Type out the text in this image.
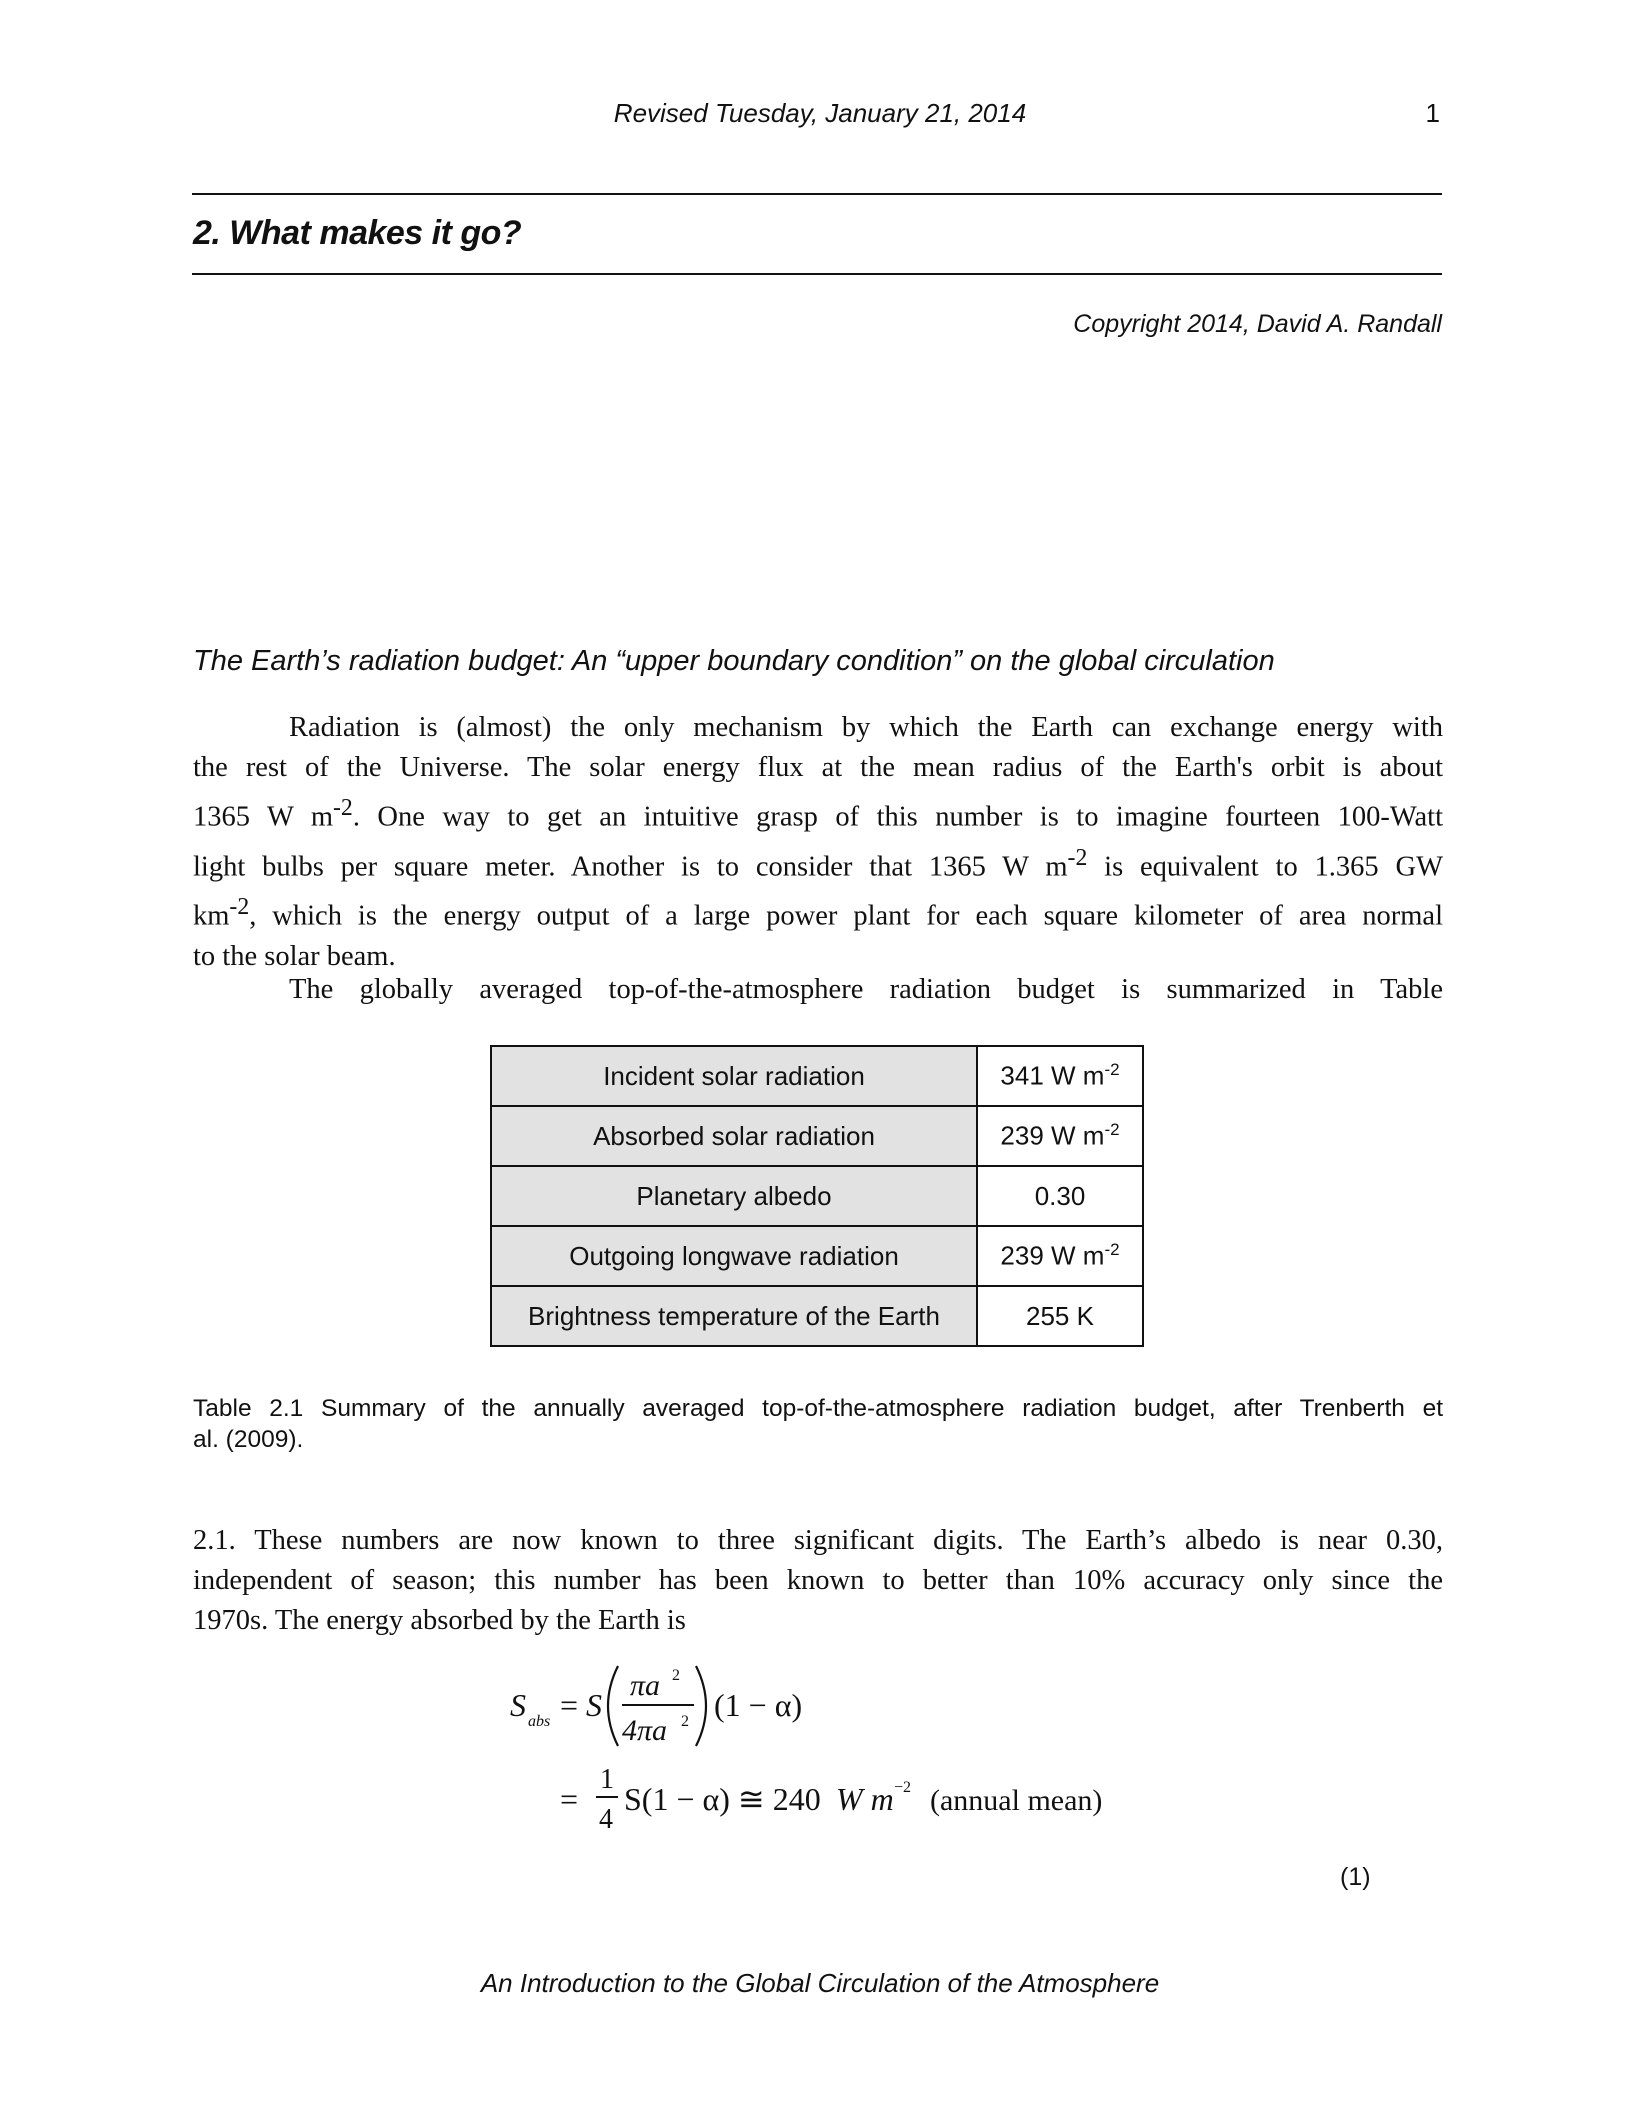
Revised Tuesday, January 21, 2014	1
2. What makes it go?
Copyright 2014, David A. Randall
The Earth’s radiation budget: An “upper boundary condition” on the global circulation

Radiation is (almost) the only mechanism by which the Earth can exchange energy with
the rest of the Universe. The solar energy flux at the mean radius of the Earth's orbit is about
1365 W $m^{-2}$. One way to get an intuitive grasp of this number is to imagine fourteen 100-Watt
light bulbs per square meter. Another is to consider that 1365 W $m^{-2}$ is equivalent to 1.365 GW
$km^{-2}$, which is the energy output of a large power plant for each square kilometer of area normal
to the solar beam.

The globally averaged top-of-the-atmosphere radiation budget is summarized in Table

Incident solar radiation	341 W $m^{-2}$
Absorbed solar radiation	239 W $m^{-2}$
Planetary albedo	0.30
Outgoing longwave radiation	239 W $m^{-2}$
Brightness temperature of the Earth	255 K

Table 2.1 Summary of the annually averaged top-of-the-atmosphere radiation budget, after Trenberth et
al. (2009).

2.1. These numbers are now known to three significant digits. The Earth’s albedo is near 0.30,
independent of season; this number has been known to better than 10% accuracy only since the
1970s. The energy absorbed by the Earth is

S abs = S
πa 2
4πa 2 (1 − α)
=
1
4
S(1 − α) ≅ 240 W m −2 (annual mean)
(1)
An Introduction to the Global Circulation of the Atmosphere
